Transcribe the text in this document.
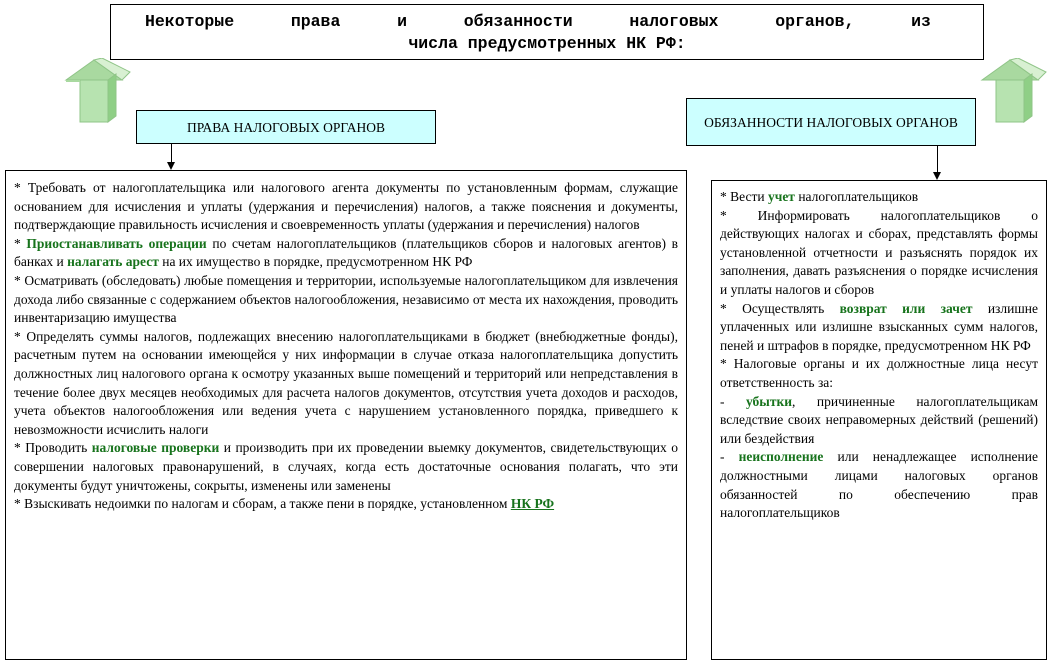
Некоторые	права	и	обязанности	налоговых	органов,	из
числа предусмотренных НК РФ:
ПРАВА НАЛОГОВЫХ ОРГАНОВ	ОБЯЗАННОСТИ НАЛОГОВЫХ ОРГАНОВ

* Требовать от налогоплательщика или налогового агента документы по установленным формам, служащие основанием для исчисления и уплаты (удержания и перечисления) налогов, а также пояснения и документы, подтверждающие правильность исчисления и своевременность уплаты (удержания и перечисления) налогов

* Приостанавливать операции по счетам налогоплательщиков (плательщиков сборов и налоговых агентов) в банках и налагать арест на их имущество в порядке, предусмотренном НК РФ

* Осматривать (обследовать) любые помещения и территории, используемые налогоплательщиком для извлечения дохода либо связанные с содержанием объектов налогообложения, независимо от места их нахождения, проводить инвентаризацию имущества

* Определять суммы налогов, подлежащих внесению налогоплательщиками в бюджет (внебюджетные фонды), расчетным путем на основании имеющейся у них информации в случае отказа налогоплательщика допустить должностных лиц налогового органа к осмотру указанных выше помещений и территорий или непредставления в течение более двух месяцев необходимых для расчета налогов документов, отсутствия учета доходов и расходов, учета объектов налогообложения или ведения учета с нарушением установленного порядка, приведшего к невозможности исчислить налоги

* Проводить налоговые проверки и производить при их проведении выемку документов, свидетельствующих о совершении налоговых правонарушений, в случаях, когда есть достаточные основания полагать, что эти документы будут уничтожены, сокрыты, изменены или заменены

* Взыскивать недоимки по налогам и сборам, а также пени в порядке, установленном НК РФ

* Вести учет налогоплательщиков

* Информировать налогоплательщиков о действующих налогах и сборах, представлять формы установленной отчетности и разъяснять порядок их заполнения, давать разъяснения о порядке исчисления и уплаты налогов и сборов

* Осуществлять возврат или зачет излишне уплаченных или излишне взысканных сумм налогов, пеней и штрафов в порядке, предусмотренном НК РФ

* Налоговые органы и их должностные лица несут ответственность за:

- убытки, причиненные налогоплательщикам вследствие своих неправомерных действий (решений) или бездействия

- неисполнение или ненадлежащее исполнение должностными лицами налоговых органов обязанностей по обеспечению прав налогоплательщиков
